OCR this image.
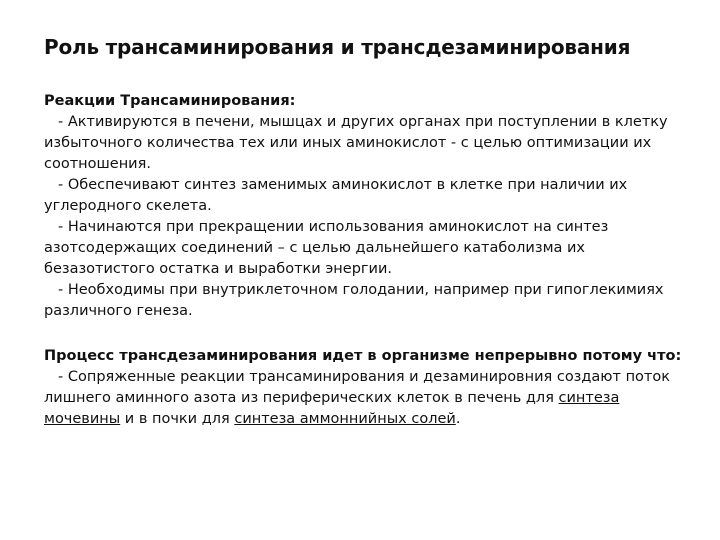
Роль трансаминирования и трансдезаминирования

Реакции Трансаминирования:

- Активируются в печени, мышцах и других органах при поступлении в клетку избыточного количества тех или иных аминокислот - с целью оптимизации их соотношения.

- Обеспечивают синтез заменимых аминокислот в клетке при наличии их углеродного скелета.

- Начинаются при прекращении использования аминокислот на синтез азотсодержащих соединений – с целью дальнейшего катаболизма их безазотистого остатка и выработки энергии.

- Необходимы при внутриклеточном голодании, например при гипоглекимиях различного генеза.

Процесс трансдезаминирования идет в организме непрерывно потому что:

- Сопряженные реакции трансаминирования и дезаминировния создают поток лишнего аминного азота из периферических клеток в печень для синтеза мочевины и в почки для синтеза аммоннийных солей.
